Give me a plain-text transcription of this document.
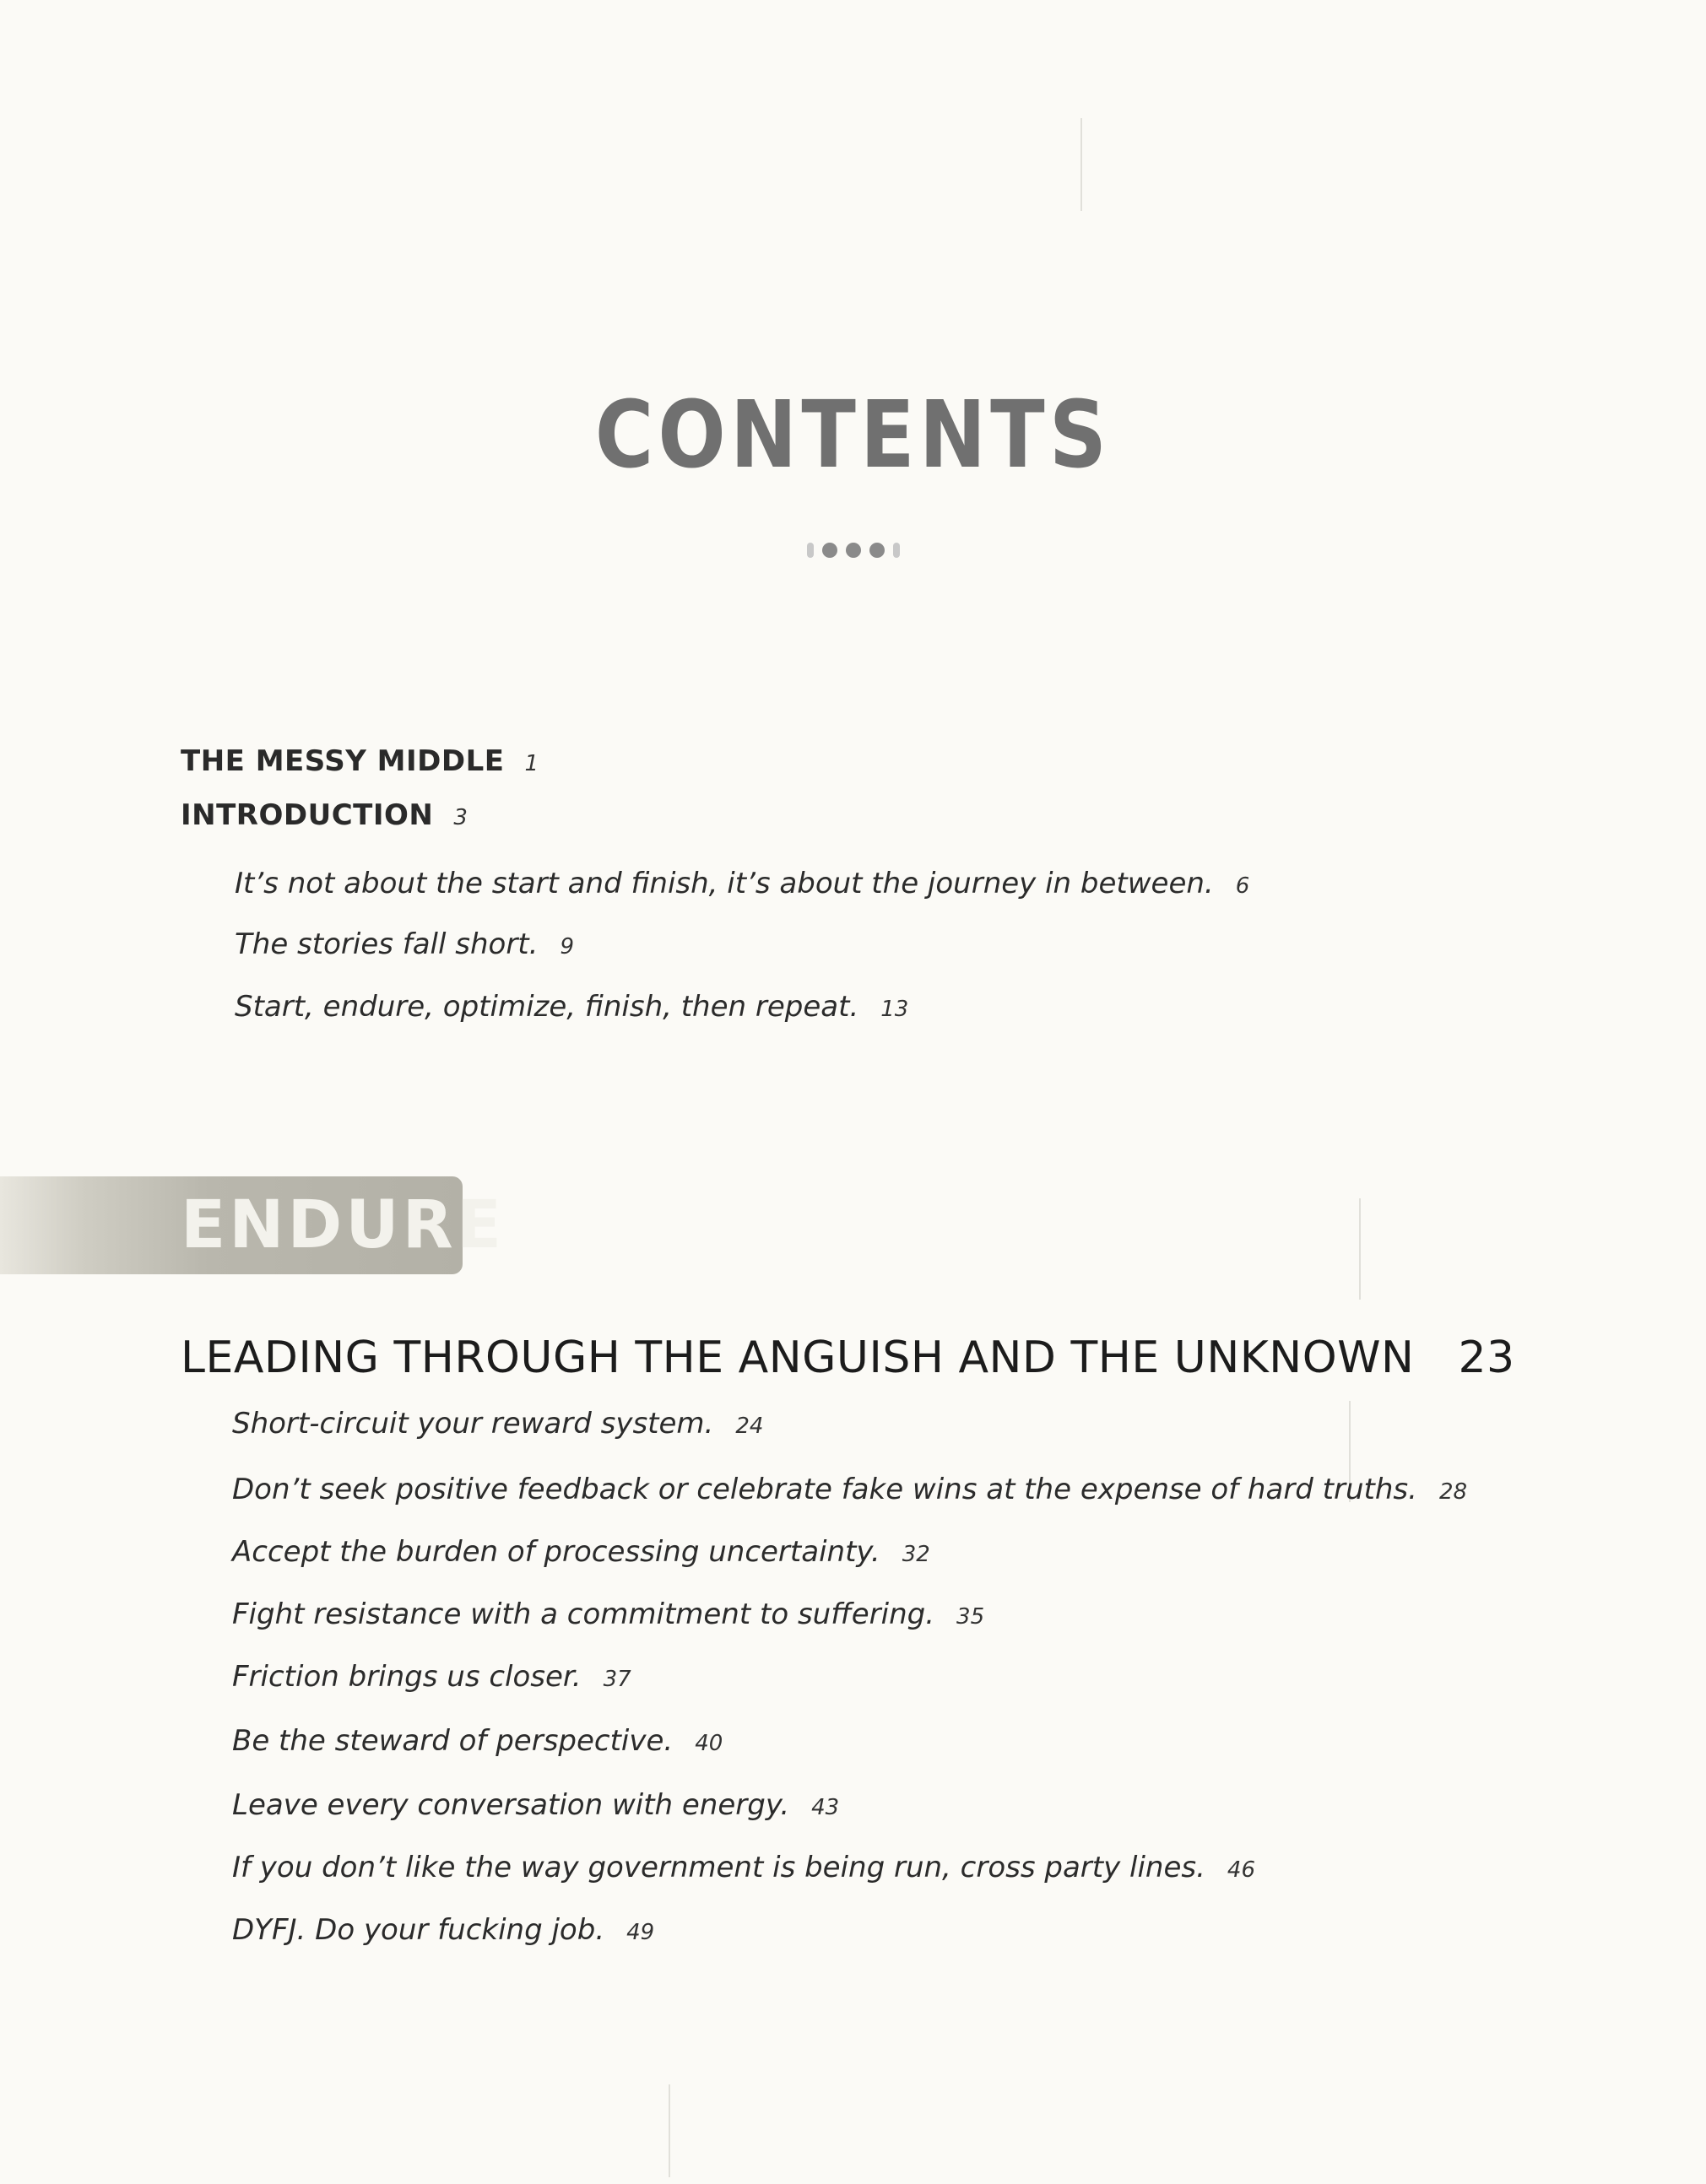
CONTENTS
THE MESSY MIDDLE 1
INTRODUCTION 3
It’s not about the start and finish, it’s about the journey in between. 6
The stories fall short. 9
Start, endure, optimize, finish, then repeat. 13
ENDURE
LEADING THROUGH THE ANGUISH AND THE UNKNOWN 23
Short-circuit your reward system. 24
Don’t seek positive feedback or celebrate fake wins at the expense of hard truths. 28
Accept the burden of processing uncertainty. 32
Fight resistance with a commitment to suffering. 35
Friction brings us closer. 37
Be the steward of perspective. 40
Leave every conversation with energy. 43
If you don’t like the way government is being run, cross party lines. 46
DYFJ. Do your fucking job. 49
